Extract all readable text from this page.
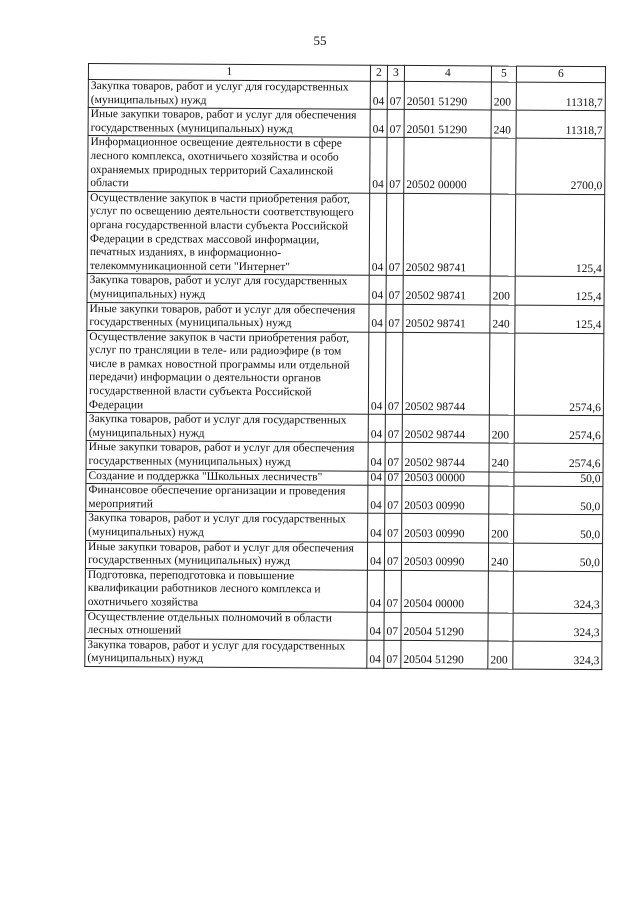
55
1	2	3	4	5	6
Закупка товаров, работ и услуг для государственных (муниципальных) нужд	04	07	20501 51290	200	11318,7
Иные закупки товаров, работ и услуг для обеспечения государственных (муниципальных) нужд	04	07	20501 51290	240	11318,7
Информационное освещение деятельности в сфере лесного комплекса, охотничьего хозяйства и особо охраняемых природных территорий Сахалинской области	04	07	20502 00000		2700,0
Осуществление закупок в части приобретения работ, услуг по освещению деятельности соответствующего органа государственной власти субъекта Российской Федерации в средствах массовой информации, печатных изданиях, в информационно-телекоммуникационной сети "Интернет"	04	07	20502 98741		125,4
Закупка товаров, работ и услуг для государственных (муниципальных) нужд	04	07	20502 98741	200	125,4
Иные закупки товаров, работ и услуг для обеспечения государственных (муниципальных) нужд	04	07	20502 98741	240	125,4
Осуществление закупок в части приобретения работ, услуг по трансляции в теле- или радиоэфире (в том числе в рамках новостной программы или отдельной передачи) информации о деятельности органов государственной власти субъекта Российской Федерации	04	07	20502 98744		2574,6
Закупка товаров, работ и услуг для государственных (муниципальных) нужд	04	07	20502 98744	200	2574,6
Иные закупки товаров, работ и услуг для обеспечения государственных (муниципальных) нужд	04	07	20502 98744	240	2574,6
Создание и поддержка "Школьных лесничеств"	04	07	20503 00000		50,0
Финансовое обеспечение организации и проведения мероприятий	04	07	20503 00990		50,0
Закупка товаров, работ и услуг для государственных (муниципальных) нужд	04	07	20503 00990	200	50,0
Иные закупки товаров, работ и услуг для обеспечения государственных (муниципальных) нужд	04	07	20503 00990	240	50,0
Подготовка, переподготовка и повышение квалификации работников лесного комплекса и охотничьего хозяйства	04	07	20504 00000		324,3
Осуществление отдельных полномочий в области лесных отношений	04	07	20504 51290		324,3
Закупка товаров, работ и услуг для государственных (муниципальных) нужд	04	07	20504 51290	200	324,3
